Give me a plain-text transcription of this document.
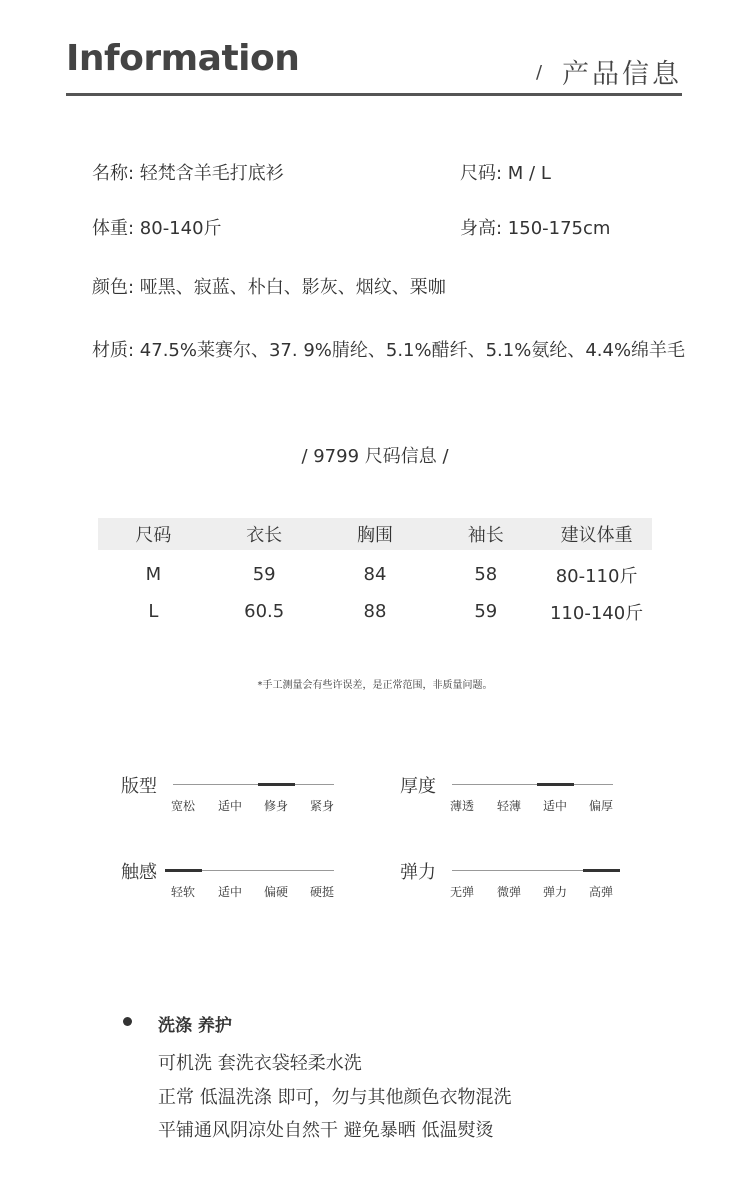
Information	/ 产品信息
名称: 轻梵含羊毛打底衫	尺码: M / L
体重: 80-140斤	身高: 150-175cm
颜色: 哑黑、寂蓝、朴白、影灰、烟纹、栗咖
材质: 47.5%莱赛尔、37. 9%腈纶、5.1%醋纤、5.1%氨纶、4.4%绵羊毛
/ 9799 尺码信息 /
尺码	衣长	胸围	袖长	建议体重
M	59	84	58	80-110斤
L	60.5	88	59	110-140斤
*手工测量会有些许误差，是正常范围，非质量问题。
版型
宽松	适中	修身	紧身
厚度
薄透	轻薄	适中	偏厚
触感
轻软	适中	偏硬	硬挺
弹力
无弹	微弹	弹力	高弹
洗涤 养护
可机洗 套洗衣袋轻柔水洗
正常 低温洗涤 即可，勿与其他颜色衣物混洗
平铺通风阴凉处自然干 避免暴晒 低温熨烫
